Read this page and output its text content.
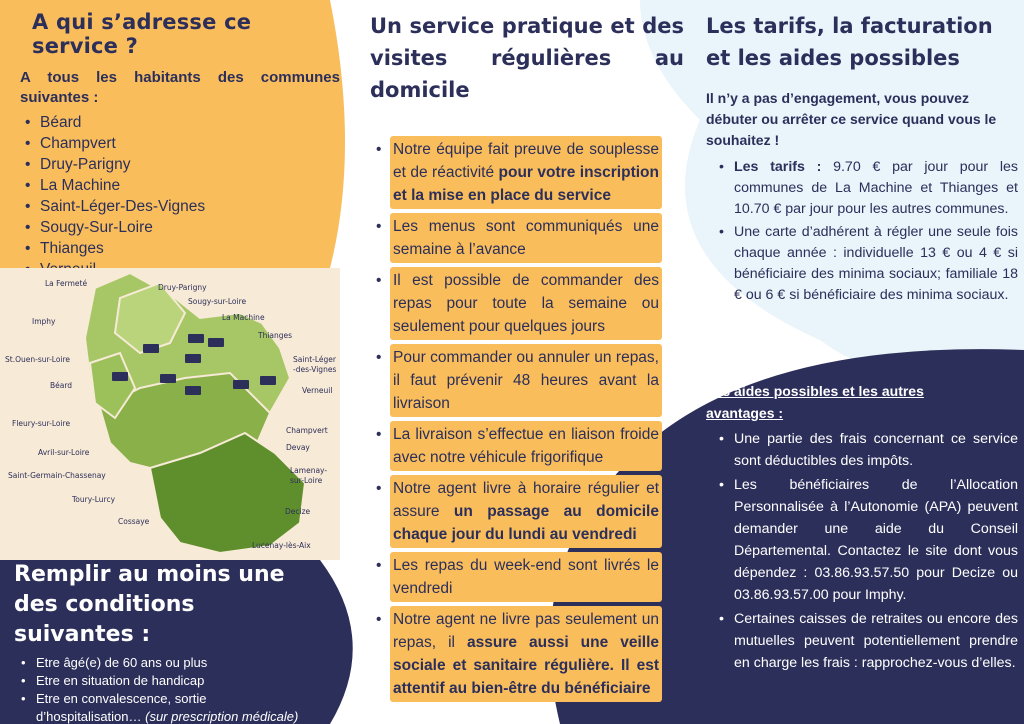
A qui s’adresse ce service ?

A tous les habitants des communes suivantes :

• Béard
• Champvert
• Druy-Parigny
• La Machine
• Saint-Léger-Des-Vignes
• Sougy-Sur-Loire
• Thianges
•
La Fermeté	Druy-Parigny
Sougy-sur-Loire
Imphy	La Machine
Thianges
St.Ouen-sur-Loire	Saint-Léger
-des-Vignes
Béard
Verneuil
Fleury-sur-Loire
Champvert
Devay
Avril-sur-Loire
Lamenay-
sur-Loire
Saint-Germain-Chassenay
Toury-Lurcy
Decize
Cossaye
Lucenay-lès-Aix
Remplir au moins une des conditions suivantes :
• Etre âgé(e) de 60 ans ou plus
• Etre en situation de handicap
• Etre en convalescence, sortie d’hospitalisation… (sur prescription médicale)
Un service pratique et des visites régulières au domicile
• Notre équipe fait preuve de souplesse et de réactivité pour votre inscription et la mise en place du service
• Les menus sont communiqués une semaine à l’avance
• Il est possible de commander des repas pour toute la semaine ou seulement pour quelques jours
• Pour commander ou annuler un repas, il faut prévenir 48 heures avant la livraison
• La livraison s’effectue en liaison froide avec notre véhicule frigorifique
• Notre agent livre à horaire régulier et assure un passage au domicile chaque jour du lundi au vendredi
• Les repas du week-end sont livrés le vendredi
• Notre agent ne livre pas seulement un repas, il assure aussi une veille sociale et sanitaire régulière. Il est attentif au bien-être du bénéficiaire
Les tarifs, la facturation et les aides possibles

Il n’y a pas d’engagement, vous pouvez débuter ou arrêter ce service quand vous le souhaitez !

• Les tarifs : 9.70 € par jour pour les communes de La Machine et Thianges et 10.70 € par jour pour les autres communes.
• Une carte d’adhérent à régler une seule fois chaque année : individuelle 13 € ou 4 € si bénéficiaire des minima sociaux; familiale 18 € ou 6 € si bénéficiaire des minima sociaux.
Les aides possibles et les autres
avantages :
• Une partie des frais concernant ce service sont déductibles des impôts.
• Les bénéficiaires de l’Allocation Personnalisée à l’Autonomie (APA) peuvent demander une aide du Conseil Départemental. Contactez le site dont vous dépendez : 03.86.93.57.50 pour Decize ou 03.86.93.57.00 pour Imphy.
• Certaines caisses de retraites ou encore des mutuelles peuvent potentiellement prendre en charge les frais : rapprochez-vous d’elles.
